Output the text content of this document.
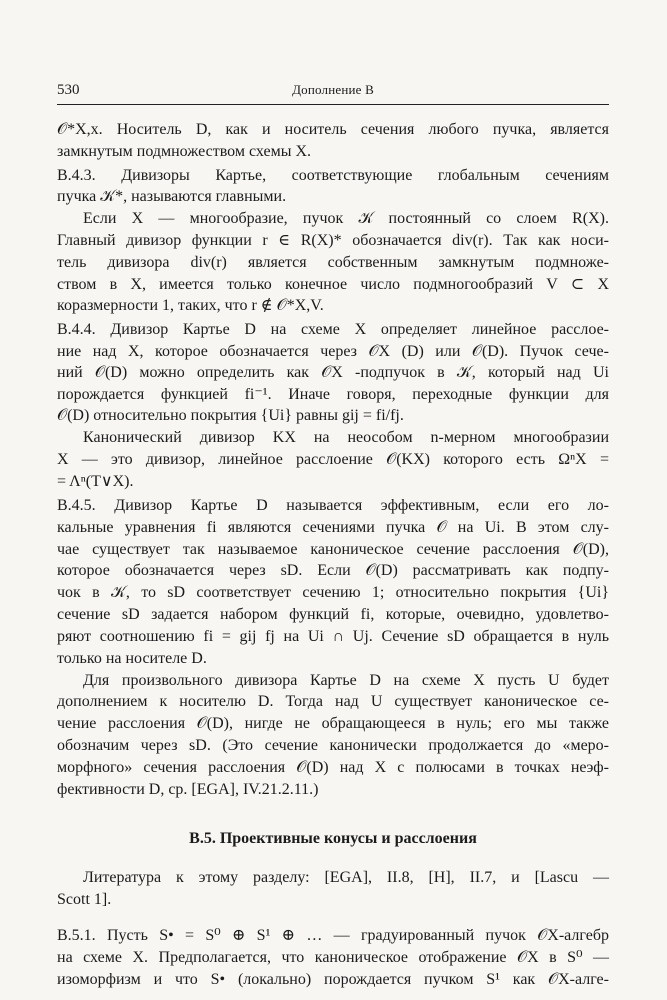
530	Дополнение В
𝒪*X,x. Носитель D, как и носитель сечения любого пучка, является
замкнутым подмножеством схемы X.
В.4.3. Дивизоры Картье, соответствующие глобальным сечениям
пучка 𝒦*, называются главными.
Если X — многообразие, пучок 𝒦 постоянный со слоем R(X).
Главный дивизор функции r ∈ R(X)* обозначается div(r). Так как носи-
тель дивизора div(r) является собственным замкнутым подмноже-
ством в X, имеется только конечное число подмногообразий V ⊂ X
коразмерности 1, таких, что r ∉ 𝒪*X,V.
В.4.4. Дивизор Картье D на схеме X определяет линейное расслое-
ние над X, которое обозначается через 𝒪X (D) или 𝒪(D). Пучок сече-
ний 𝒪(D) можно определить как 𝒪X -подпучок в 𝒦, который над Ui
порождается функцией fi⁻¹. Иначе говоря, переходные функции для
𝒪(D) относительно покрытия {Ui} равны gij = fi/fj.
Канонический дивизор KX на неособом n-мерном многообразии
X — это дивизор, линейное расслоение 𝒪(KX) которого есть ΩⁿX =
= Λⁿ(T∨X).
В.4.5. Дивизор Картье D называется эффективным, если его ло-
кальные уравнения fi являются сечениями пучка 𝒪 на Ui. В этом слу-
чае существует так называемое каноническое сечение расслоения 𝒪(D),
которое обозначается через sD. Если 𝒪(D) рассматривать как подпу-
чок в 𝒦, то sD соответствует сечению 1; относительно покрытия {Ui}
сечение sD задается набором функций fi, которые, очевидно, удовлетво-
ряют соотношению fi = gij fj на Ui ∩ Uj. Сечение sD обращается в нуль
только на носителе D.
Для произвольного дивизора Картье D на схеме X пусть U будет
дополнением к носителю D. Тогда над U существует каноническое се-
чение расслоения 𝒪(D), нигде не обращающееся в нуль; его мы также
обозначим через sD. (Это сечение канонически продолжается до «меро-
морфного» сечения расслоения 𝒪(D) над X с полюсами в точках неэф-
фективности D, ср. [EGA], IV.21.2.11.)
В.5. Проективные конусы и расслоения
Литература к этому разделу: [EGA], II.8, [H], II.7, и [Lascu —
Scott 1].
В.5.1. Пусть S• = S⁰ ⊕ S¹ ⊕ … — градуированный пучок 𝒪X-алгебр
на схеме X. Предполагается, что каноническое отображение 𝒪X в S⁰ —
изоморфизм и что S• (локально) порождается пучком S¹ как 𝒪X-алге-
